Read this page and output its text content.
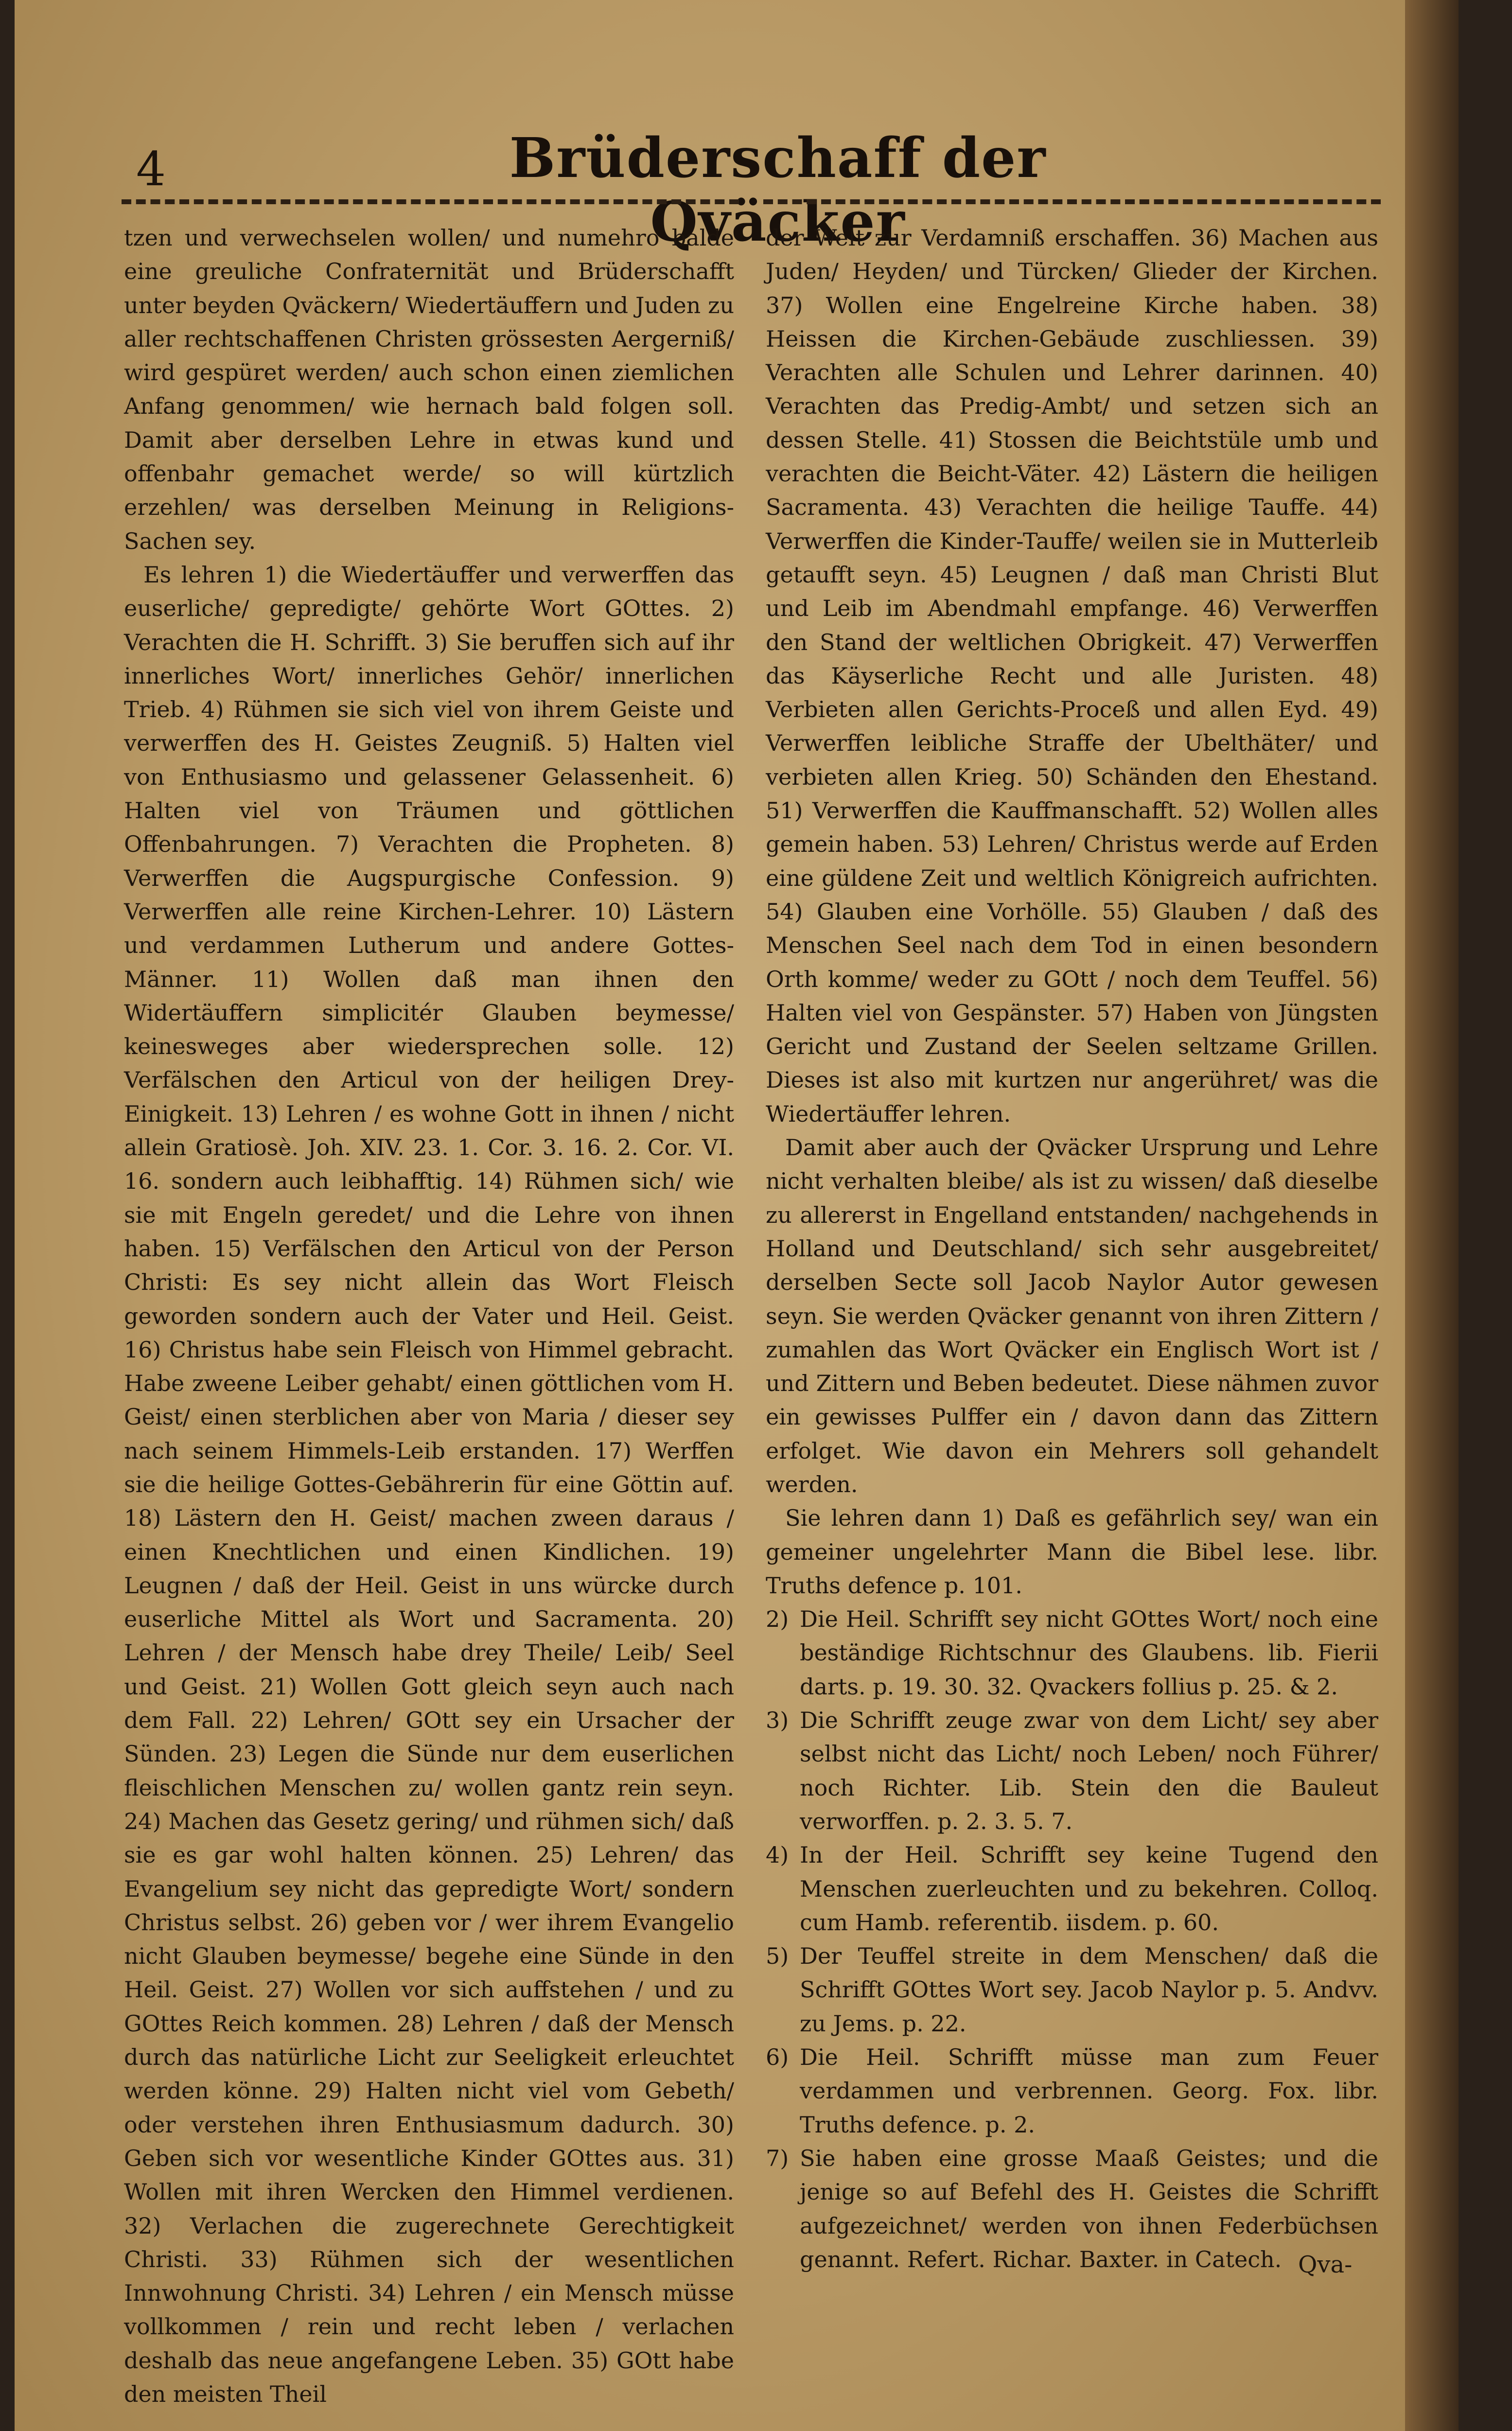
4	Brüderschaff der Qväcker

tzen und verwechselen wollen/ und numehro balde eine greuliche Confraternität und Brüderschafft unter beyden Qväckern/ Wiedertäuffern und Juden zu aller rechtschaffenen Christen grössesten Aergerniß/ wird gespüret werden/ auch schon einen ziemlichen Anfang genommen/ wie hernach bald folgen soll. Damit aber derselben Lehre in etwas kund und offenbahr gemachet werde/ so will kürtzlich erzehlen/ was derselben Meinung in Religions-Sachen sey.

Es lehren 1) die Wiedertäuffer und verwerffen das euserliche/ gepredigte/ gehörte Wort GOttes. 2) Verachten die H. Schrifft. 3) Sie beruffen sich auf ihr innerliches Wort/ innerliches Gehör/ innerlichen Trieb. 4) Rühmen sie sich viel von ihrem Geiste und verwerffen des H. Geistes Zeugniß. 5) Halten viel von Enthusiasmo und gelassener Gelassenheit. 6) Halten viel von Träumen und göttlichen Offenbahrungen. 7) Verachten die Propheten. 8) Verwerffen die Augspurgische Confession. 9) Verwerffen alle reine Kirchen-Lehrer. 10) Lästern und verdammen Lutherum und andere Gottes-Männer. 11) Wollen daß man ihnen den Widertäuffern simplicitér Glauben beymesse/ keinesweges aber wiedersprechen solle. 12) Verfälschen den Articul von der heiligen Drey-Einigkeit. 13) Lehren / es wohne Gott in ihnen / nicht allein Gratiosè. Joh. XIV. 23. 1. Cor. 3. 16. 2. Cor. VI. 16. sondern auch leibhafftig. 14) Rühmen sich/ wie sie mit Engeln geredet/ und die Lehre von ihnen haben. 15) Verfälschen den Articul von der Person Christi: Es sey nicht allein das Wort Fleisch geworden sondern auch der Vater und Heil. Geist. 16) Christus habe sein Fleisch von Himmel gebracht. Habe zweene Leiber gehabt/ einen göttlichen vom H. Geist/ einen sterblichen aber von Maria / dieser sey nach seinem Himmels-Leib erstanden. 17) Werffen sie die heilige Gottes-Gebährerin für eine Göttin auf. 18) Lästern den H. Geist/ machen zween daraus / einen Knechtlichen und einen Kindlichen. 19) Leugnen / daß der Heil. Geist in uns würcke durch euserliche Mittel als Wort und Sacramenta. 20) Lehren / der Mensch habe drey Theile/ Leib/ Seel und Geist. 21) Wollen Gott gleich seyn auch nach dem Fall. 22) Lehren/ GOtt sey ein Ursacher der Sünden. 23) Legen die Sünde nur dem euserlichen fleischlichen Menschen zu/ wollen gantz rein seyn. 24) Machen das Gesetz gering/ und rühmen sich/ daß sie es gar wohl halten können. 25) Lehren/ das Evangelium sey nicht das gepredigte Wort/ sondern Christus selbst. 26) geben vor / wer ihrem Evangelio nicht Glauben beymesse/ begehe eine Sünde in den Heil. Geist. 27) Wollen vor sich auffstehen / und zu GOttes Reich kommen. 28) Lehren / daß der Mensch durch das natürliche Licht zur Seeligkeit erleuchtet werden könne. 29) Halten nicht viel vom Gebeth/ oder verstehen ihren Enthusiasmum dadurch. 30) Geben sich vor wesentliche Kinder GOttes aus. 31) Wollen mit ihren Wercken den Himmel verdienen. 32) Verlachen die zugerechnete Gerechtigkeit Christi. 33) Rühmen sich der wesentlichen Innwohnung Christi. 34) Lehren / ein Mensch müsse vollkommen / rein und recht leben / verlachen deshalb das neue angefangene Leben. 35) GOtt habe den meisten Theil

der Welt zur Verdamniß erschaffen. 36) Machen aus Juden/ Heyden/ und Türcken/ Glieder der Kirchen. 37) Wollen eine Engelreine Kirche haben. 38) Heissen die Kirchen-Gebäude zuschliessen. 39) Verachten alle Schulen und Lehrer darinnen. 40) Verachten das Predig-Ambt/ und setzen sich an dessen Stelle. 41) Stossen die Beichtstüle umb und verachten die Beicht-Väter. 42) Lästern die heiligen Sacramenta. 43) Verachten die heilige Tauffe. 44) Verwerffen die Kinder-Tauffe/ weilen sie in Mutterleib getaufft seyn. 45) Leugnen / daß man Christi Blut und Leib im Abendmahl empfange. 46) Verwerffen den Stand der weltlichen Obrigkeit. 47) Verwerffen das Käyserliche Recht und alle Juristen. 48) Verbieten allen Gerichts-Proceß und allen Eyd. 49) Verwerffen leibliche Straffe der Ubelthäter/ und verbieten allen Krieg. 50) Schänden den Ehestand. 51) Verwerffen die Kauffmanschafft. 52) Wollen alles gemein haben. 53) Lehren/ Christus werde auf Erden eine güldene Zeit und weltlich Königreich aufrichten. 54) Glauben eine Vorhölle. 55) Glauben / daß des Menschen Seel nach dem Tod in einen besondern Orth komme/ weder zu GOtt / noch dem Teuffel. 56) Halten viel von Gespänster. 57) Haben von Jüngsten Gericht und Zustand der Seelen seltzame Grillen. Dieses ist also mit kurtzen nur angerühret/ was die Wiedertäuffer lehren.

Damit aber auch der Qväcker Ursprung und Lehre nicht verhalten bleibe/ als ist zu wissen/ daß dieselbe zu allererst in Engelland entstanden/ nachgehends in Holland und Deutschland/ sich sehr ausgebreitet/ derselben Secte soll Jacob Naylor Autor gewesen seyn. Sie werden Qväcker genannt von ihren Zittern / zumahlen das Wort Qväcker ein Englisch Wort ist / und Zittern und Beben bedeutet. Diese nähmen zuvor ein gewisses Pulffer ein / davon dann das Zittern erfolget. Wie davon ein Mehrers soll gehandelt werden.

Sie lehren dann 1) Daß es gefährlich sey/ wan ein gemeiner ungelehrter Mann die Bibel lese. libr. Truths defence p. 101.

2) Die Heil. Schrifft sey nicht GOttes Wort/ noch eine beständige Richtschnur des Glaubens. lib. Fierii darts. p. 19. 30. 32. Qvackers follius p. 25. & 2.
3) Die Schrifft zeuge zwar von dem Licht/ sey aber selbst nicht das Licht/ noch Leben/ noch Führer/ noch Richter. Lib. Stein den die Bauleut verworffen. p. 2. 3. 5. 7.
4) In der Heil. Schrifft sey keine Tugend den Menschen zuerleuchten und zu bekehren. Colloq. cum Hamb. referentib. iisdem. p. 60.
5) Der Teuffel streite in dem Menschen/ daß die Schrifft GOttes Wort sey. Jacob Naylor p. 5. Andvv. zu Jems. p. 22.
6) Die Heil. Schrifft müsse man zum Feuer verdammen und verbrennen. Georg. Fox. libr. Truths defence. p. 2.
7) Sie haben eine grosse Maaß Geistes; und die jenige so auf Befehl des H. Geistes die Schrifft aufgezeichnet/ werden von ihnen Federbüchsen genannt. Refert. Richar. Baxter. in Catech. Qva-
